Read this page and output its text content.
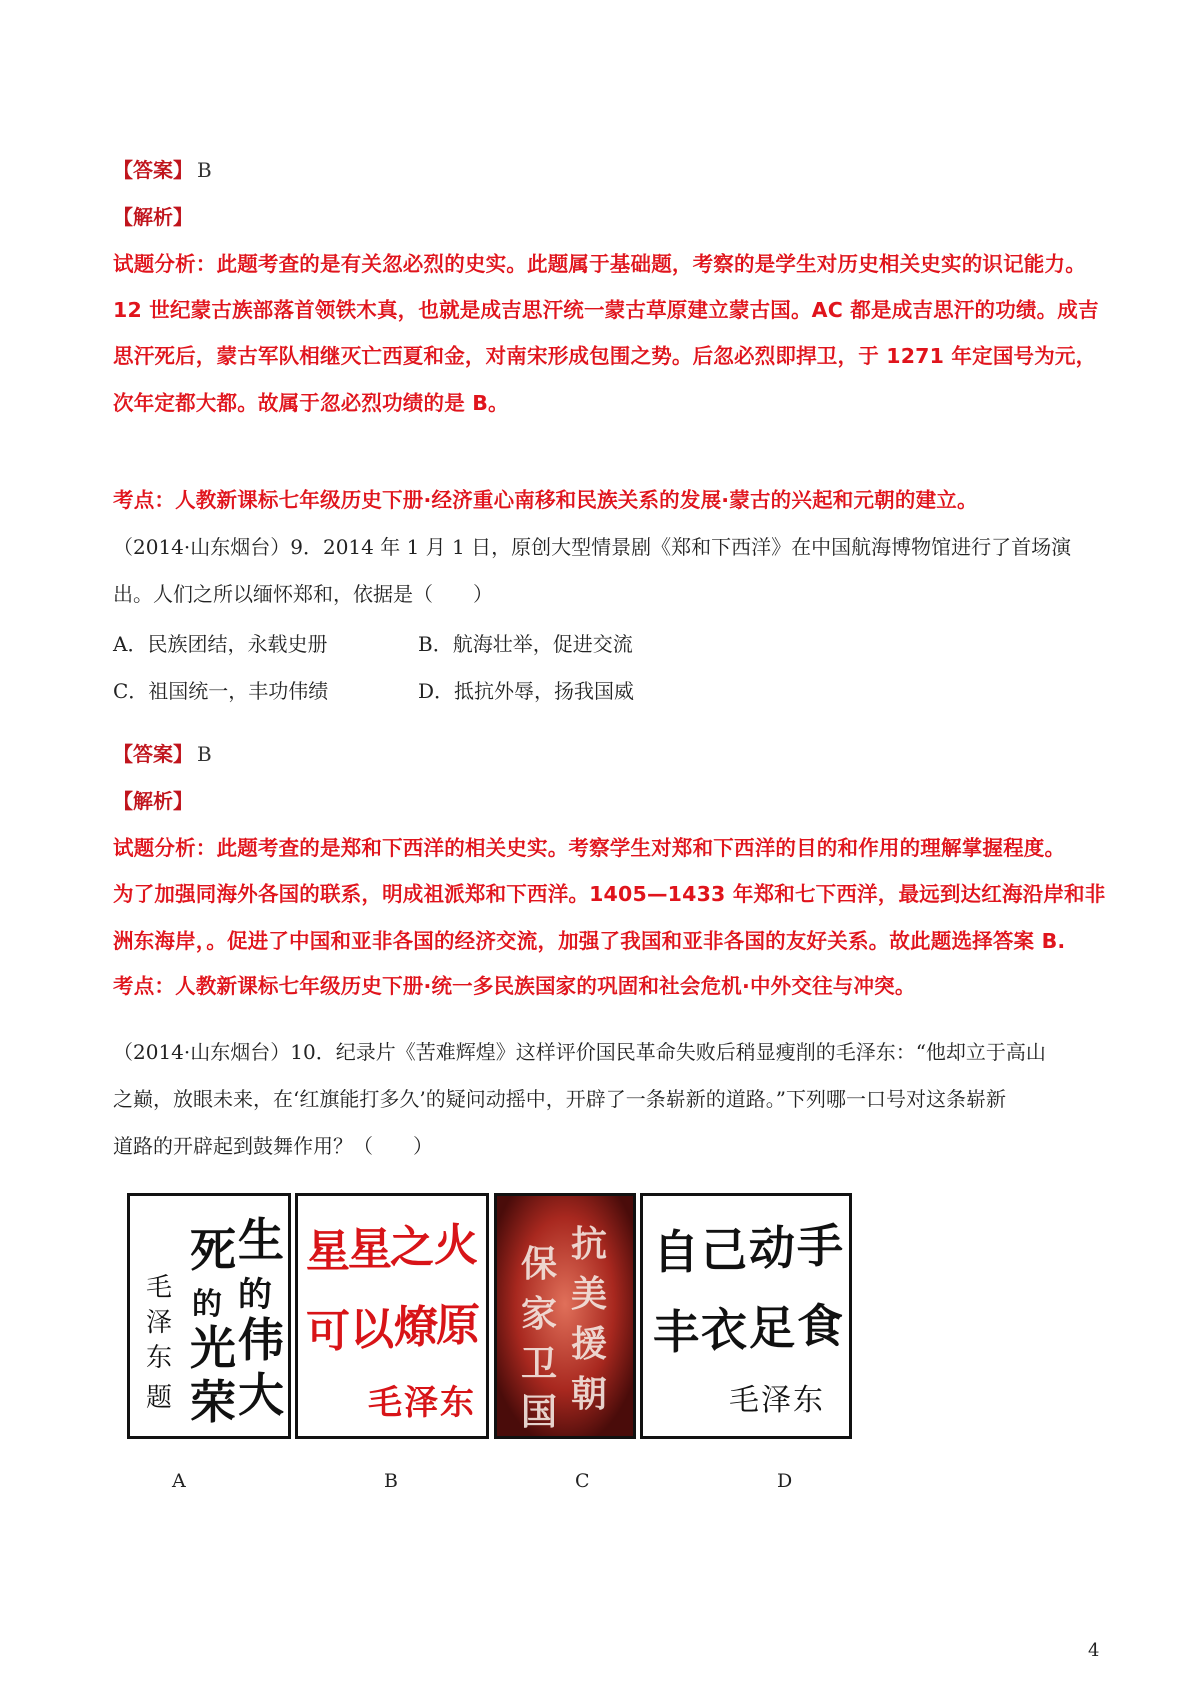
【答案】 B
【解析】
试题分析：此题考查的是有关忽必烈的史实。此题属于基础题，考察的是学生对历史相关史实的识记能力。
12 世纪蒙古族部落首领铁木真，也就是成吉思汗统一蒙古草原建立蒙古国。AC 都是成吉思汗的功绩。成吉
思汗死后，蒙古军队相继灭亡西夏和金，对南宋形成包围之势。后忽必烈即捍卫，于 1271 年定国号为元，
次年定都大都。故属于忽必烈功绩的是 B。
考点：人教新课标七年级历史下册·经济重心南移和民族关系的发展·蒙古的兴起和元朝的建立。
（2014·山东烟台）9．2014 年 1 月 1 日，原创大型情景剧《郑和下西洋》在中国航海博物馆进行了首场演
出。人们之所以缅怀郑和，依据是（　　）
A．民族团结，永载史册	B．航海壮举，促进交流
C．祖国统一，丰功伟绩	D．抵抗外辱，扬我国威
【答案】 B
【解析】
试题分析：此题考查的是郑和下西洋的相关史实。考察学生对郑和下西洋的目的和作用的理解掌握程度。
为了加强同海外各国的联系，明成祖派郑和下西洋。1405—1433 年郑和七下西洋，最远到达红海沿岸和非
洲东海岸，。促进了中国和亚非各国的经济交流，加强了我国和亚非各国的友好关系。故此题选择答案 B.
考点：人教新课标七年级历史下册·统一多民族国家的巩固和社会危机·中外交往与冲突。
（2014·山东烟台）10．纪录片《苦难辉煌》这样评价国民革命失败后稍显瘦削的毛泽东：“他却立于高山
之巅，放眼未来，在‘红旗能打多久’的疑问动摇中，开辟了一条崭新的道路。”下列哪一口号对这条崭新
道路的开辟起到鼓舞作用？（　　）
生
的
伟
大
死
的
光
荣
毛
泽
东
题
星
星
之 火
可 以 燎
原
毛 泽 东
抗
美
援
朝
保
家
卫
国
自 己 动 手
丰 衣 足 食
毛 泽 东
A	B	C	D
4
